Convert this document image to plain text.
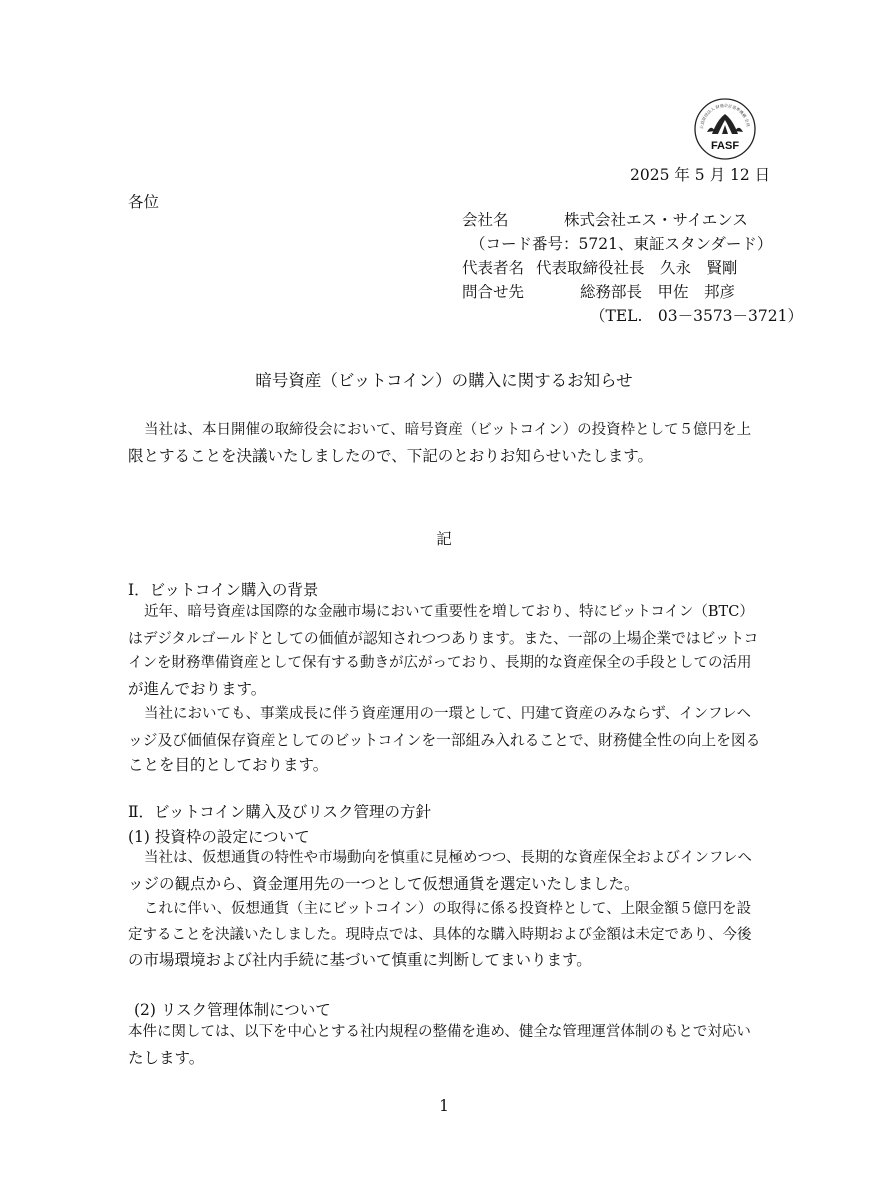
FASF
公益財団法人 財務会計基準機構 会員
2025 年 5 月 12 日
各位
会社名	株式会社エス・サイエンス
（コード番号：5721、東証スタンダード）
代表者名 代表取締役社長　久永　賢剛
問合せ先	総務部長　甲佐　邦彦
（TEL.　03－3573－3721）
暗号資産（ビットコイン）の購入に関するお知らせ
当社は、本日開催の取締役会において、暗号資産（ビットコイン）の投資枠として５億円を上
限とすることを決議いたしましたので、下記のとおりお知らせいたします。
記
Ⅰ．ビットコイン購入の背景
近年、暗号資産は国際的な金融市場において重要性を増しており、特にビットコイン（BTC）
はデジタルゴールドとしての価値が認知されつつあります。また、一部の上場企業ではビットコ
インを財務準備資産として保有する動きが広がっており、長期的な資産保全の手段としての活用
が進んでおります。
当社においても、事業成長に伴う資産運用の一環として、円建て資産のみならず、インフレヘ
ッジ及び価値保存資産としてのビットコインを一部組み入れることで、財務健全性の向上を図る
ことを目的としております。
Ⅱ．ビットコイン購入及びリスク管理の方針
(1) 投資枠の設定について
当社は、仮想通貨の特性や市場動向を慎重に見極めつつ、長期的な資産保全およびインフレヘ
ッジの観点から、資金運用先の一つとして仮想通貨を選定いたしました。
これに伴い、仮想通貨（主にビットコイン）の取得に係る投資枠として、上限金額５億円を設
定することを決議いたしました。現時点では、具体的な購入時期および金額は未定であり、今後
の市場環境および社内手続に基づいて慎重に判断してまいります。
(2) リスク管理体制について
本件に関しては、以下を中心とする社内規程の整備を進め、健全な管理運営体制のもとで対応い
たします。
1
